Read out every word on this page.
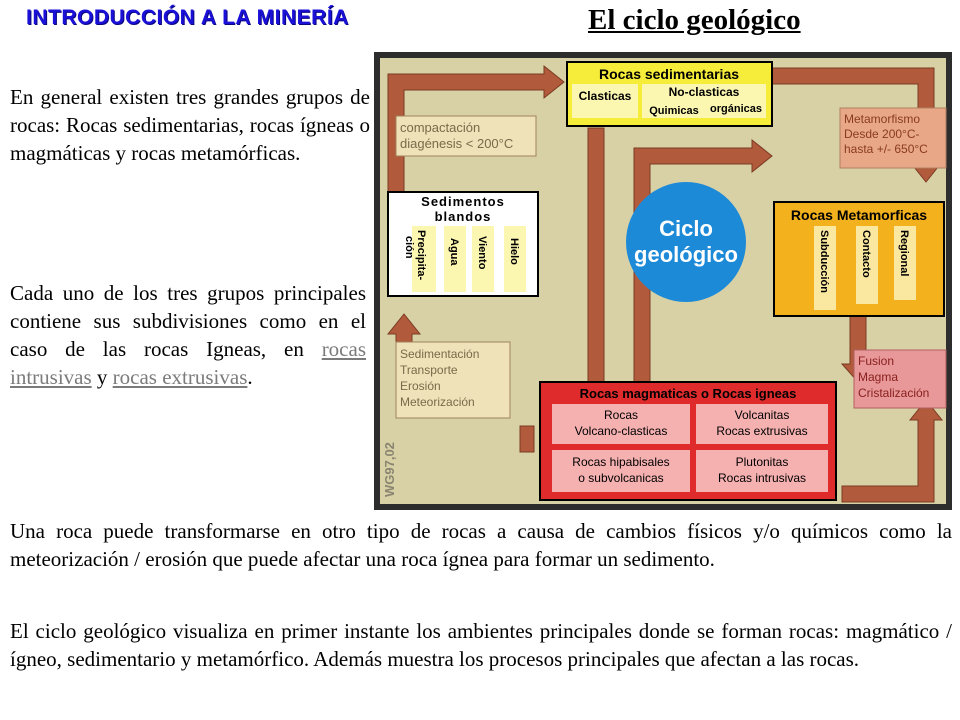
INTRODUCCIÓN A LA MINERÍA	El ciclo geológico

En general existen tres grandes grupos de rocas: Rocas sedimentarias, rocas ígneas o magmáticas y rocas metamórficas.

Cada uno de los tres grupos principales contiene sus subdivisiones como en el caso de las rocas Igneas, en rocas intrusivas y rocas extrusivas.

WG97,02
Ciclo
geológico
Rocas sedimentarias
Clasticas	No-clasticas
Quimicas orgánicas
compactación
diagénesis < 200°C
Metamorfismo
Desde 200°C-
hasta +/- 650°C
Sedimentos
blandos
Precipita-
ción	Agua Viento Hielo
Rocas Metamorficas
Subducción	Contacto Regional
Sedimentación
Transporte
Erosión
Meteorización
Fusion
Magma
Cristalización
Rocas magmaticas o Rocas igneas
Rocas
Volcano-clasticas
Volcanitas
Rocas extrusivas
Rocas hipabisales
o subvolcanicas
Plutonitas
Rocas intrusivas

Una roca puede transformarse en otro tipo de rocas a causa de cambios físicos y/o químicos como la meteorización / erosión que puede afectar una roca ígnea para formar un sedimento.

El ciclo geológico visualiza en primer instante los ambientes principales donde se forman rocas: magmático / ígneo, sedimentario y metamórfico. Además muestra los procesos principales que afectan a las rocas.
